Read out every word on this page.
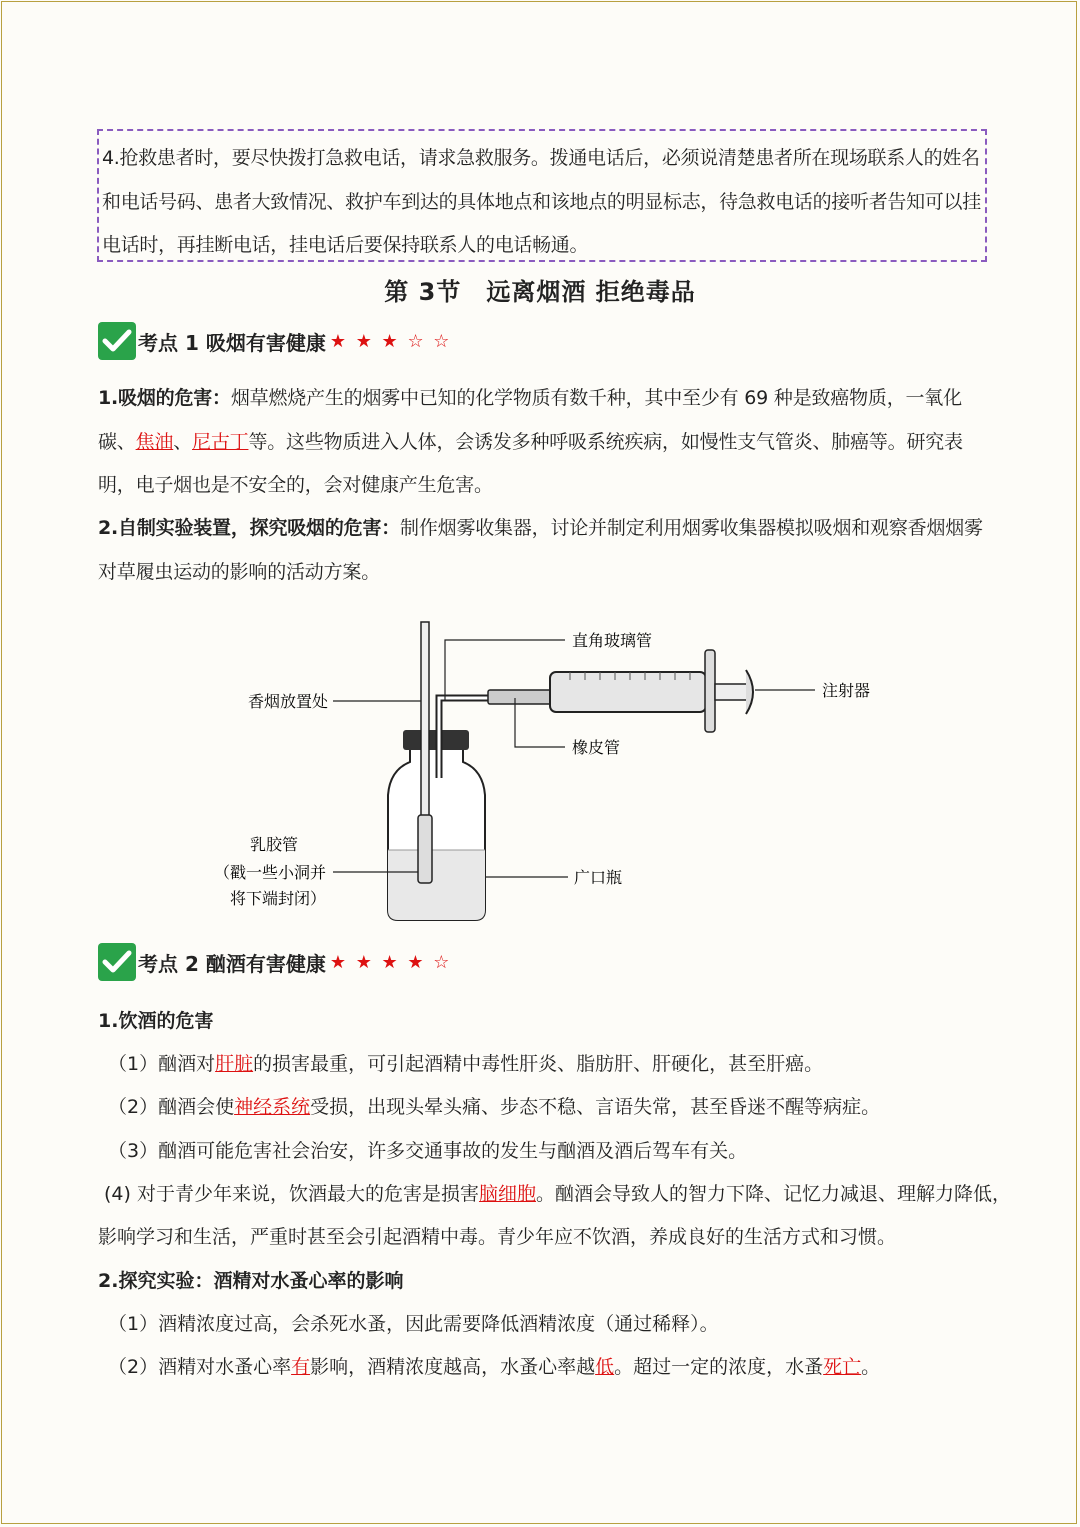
4.抢救患者时，要尽快拨打急救电话，请求急救服务。拨通电话后，必须说清楚患者所在现场联系人的姓名

和电话号码、患者大致情况、救护车到达的具体地点和该地点的明显标志，待急救电话的接听者告知可以挂

电话时，再挂断电话，挂电话后要保持联系人的电话畅通。

第 3节　远离烟酒 拒绝毒品
考点 1 吸烟有害健康 ★ ★ ★ ☆ ☆

1.吸烟的危害：烟草燃烧产生的烟雾中已知的化学物质有数千种，其中至少有 69 种是致癌物质，一氧化碳、焦油、尼古丁等。这些物质进入人体，会诱发多种呼吸系统疾病，如慢性支气管炎、肺癌等。研究表明，电子烟也是不安全的，会对健康产生危害。

2.自制实验装置，探究吸烟的危害：制作烟雾收集器，讨论并制定利用烟雾收集器模拟吸烟和观察香烟烟雾对草履虫运动的影响的活动方案。

直角玻璃管
注射器
橡皮管
香烟放置处
乳胶管
（戳一些小洞并
将下端封闭）
广口瓶
考点 2 酗酒有害健康 ★ ★ ★ ★ ☆

1.饮酒的危害

（1）酗酒对肝脏的损害最重，可引起酒精中毒性肝炎、脂肪肝、肝硬化，甚至肝癌。

（2）酗酒会使神经系统受损，出现头晕头痛、步态不稳、言语失常，甚至昏迷不醒等病症。

（3）酗酒可能危害社会治安，许多交通事故的发生与酗酒及酒后驾车有关。

(4) 对于青少年来说，饮酒最大的危害是损害脑细胞。酗酒会导致人的智力下降、记忆力减退、理解力降低，

影响学习和生活，严重时甚至会引起酒精中毒。青少年应不饮酒，养成良好的生活方式和习惯。

2.探究实验：酒精对水蚤心率的影响

（1）酒精浓度过高，会杀死水蚤，因此需要降低酒精浓度（通过稀释）。

（2）酒精对水蚤心率有影响，酒精浓度越高，水蚤心率越低。超过一定的浓度，水蚤死亡。
